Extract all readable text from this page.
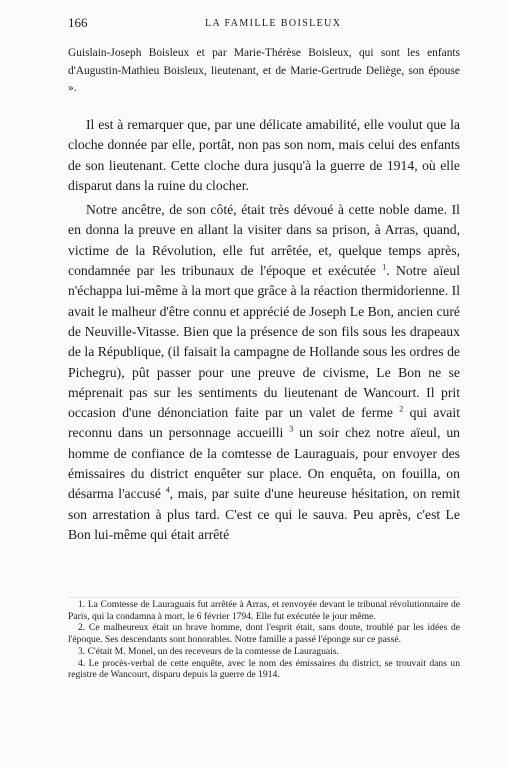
166	LA FAMILLE BOISLEUX
Guislain-Joseph Boisleux et par Marie-Thérèse Boisleux, qui sont les enfants d'Augustin-Mathieu Boisleux, lieutenant, et de Marie-Gertrude Deliège, son épouse ».

Il est à remarquer que, par une délicate amabilité, elle voulut que la cloche donnée par elle, portât, non pas son nom, mais celui des enfants de son lieutenant. Cette cloche dura jusqu'à la guerre de 1914, où elle disparut dans la ruine du clocher.

Notre ancêtre, de son côté, était très dévoué à cette noble dame. Il en donna la preuve en allant la visiter dans sa prison, à Arras, quand, victime de la Révolution, elle fut arrêtée, et, quelque temps après, condamnée par les tribunaux de l'époque et exécutée $^1$. Notre aïeul n'échappa lui-même à la mort que grâce à la réaction thermidorienne. Il avait le malheur d'être connu et apprécié de Joseph Le Bon, ancien curé de Neuville-Vitasse. Bien que la présence de son fils sous les drapeaux de la République, (il faisait la campagne de Hollande sous les ordres de Pichegru), pût passer pour une preuve de civisme, Le Bon ne se méprenait pas sur les sentiments du lieutenant de Wancourt. Il prit occasion d'une dénonciation faite par un valet de ferme $^2$ qui avait reconnu dans un personnage accueilli $^3$ un soir chez notre aïeul, un homme de confiance de la comtesse de Lauraguais, pour envoyer des émissaires du district enquêter sur place. On enquêta, on fouilla, on désarma l'accusé $^4$, mais, par suite d'une heureuse hésitation, on remit son arrestation à plus tard. C'est ce qui le sauva. Peu après, c'est Le Bon lui-même qui était arrêté

1. La Comtesse de Lauraguais fut arrêtée à Arras, et renvoyée devant le tribunal révolutionnaire de Paris, qui la condamna à mort, le 6 février 1794. Elle fut exécutée le jour même.

2. Ce malheureux était un brave homme, dont l'esprit était, sans doute, troublé par les idées de l'époque. Ses descendants sont honorables. Notre famille a passé l'éponge sur ce passé.

3. C'était M. Monel, un des receveurs de la comtesse de Lauraguais.

4. Le procès-verbal de cette enquête, avec le nom des émissaires du district, se trouvait dans un registre de Wancourt, disparu depuis la guerre de 1914.
